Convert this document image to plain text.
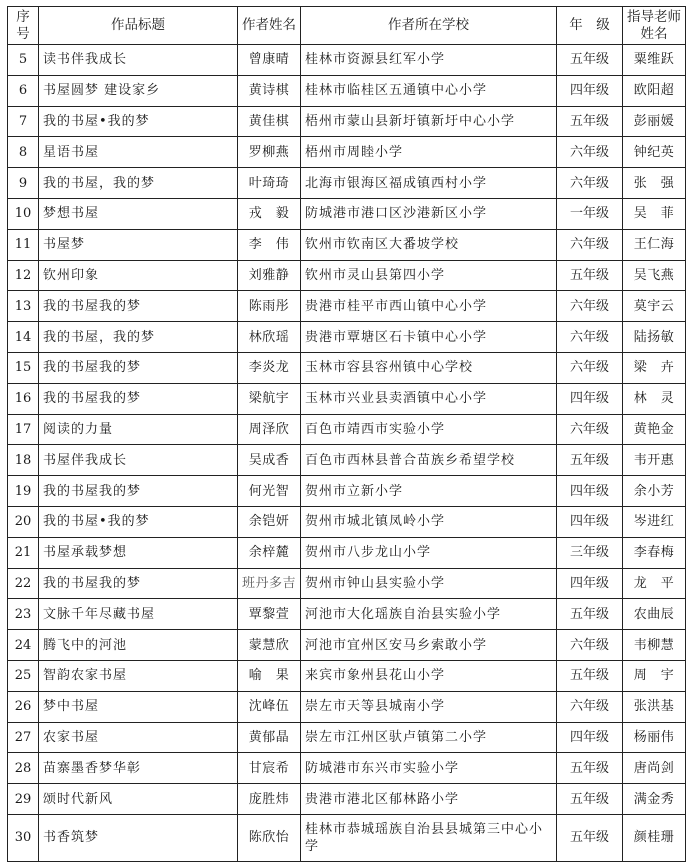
序号	作品标题	作者姓名	作者所在学校	年　级	指导老师姓名
5	读书伴我成长	曾康晴	桂林市资源县红军小学	五年级	粟维跃
6	书屋圆梦 建设家乡	黄诗棋	桂林市临桂区五通镇中心小学	四年级	欧阳超
7	我的书屋•我的梦	黄佳棋	梧州市蒙山县新圩镇新圩中心小学	五年级	彭丽媛
8	星语书屋	罗柳燕	梧州市周睦小学	六年级	钟纪英
9	我的书屋，我的梦	叶琦琦	北海市银海区福成镇西村小学	六年级	张　强
10	梦想书屋	戎　毅	防城港市港口区沙港新区小学	一年级	吴　菲
11	书屋梦	李　伟	钦州市钦南区大番坡学校	六年级	王仁海
12	钦州印象	刘雅静	钦州市灵山县第四小学	五年级	吴飞燕
13	我的书屋我的梦	陈雨彤	贵港市桂平市西山镇中心小学	六年级	莫宇云
14	我的书屋，我的梦	林欣瑶	贵港市覃塘区石卡镇中心小学	六年级	陆扬敏
15	我的书屋我的梦	李炎龙	玉林市容县容州镇中心学校	六年级	梁　卉
16	我的书屋我的梦	梁航宇	玉林市兴业县卖酒镇中心小学	四年级	林　灵
17	阅读的力量	周泽欣	百色市靖西市实验小学	六年级	黄艳金
18	书屋伴我成长	吴成香	百色市西林县普合苗族乡希望学校	五年级	韦开惠
19	我的书屋我的梦	何光智	贺州市立新小学	四年级	余小芳
20	我的书屋•我的梦	余铠妍	贺州市城北镇凤岭小学	四年级	岑进红
21	书屋承载梦想	余梓麓	贺州市八步龙山小学	三年级	李春梅
22	我的书屋我的梦	班丹多吉	贺州市钟山县实验小学	四年级	龙　平
23	文脉千年尽藏书屋	覃黎萱	河池市大化瑶族自治县实验小学	五年级	农曲辰
24	腾飞中的河池	蒙慧欣	河池市宜州区安马乡索敢小学	六年级	韦柳慧
25	智韵农家书屋	喻　果	来宾市象州县花山小学	五年级	周　宇
26	梦中书屋	沈峰伍	崇左市天等县城南小学	六年级	张洪基
27	农家书屋	黄郁晶	崇左市江州区驮卢镇第二小学	四年级	杨丽伟
28	苗寨墨香梦华彰	甘宸希	防城港市东兴市实验小学	五年级	唐尚剑
29	颂时代新风	庞胜炜	贵港市港北区郁林路小学	五年级	满金秀
30	书香筑梦	陈欣怡	桂林市恭城瑶族自治县县城第三中心小学	五年级	颜桂珊
